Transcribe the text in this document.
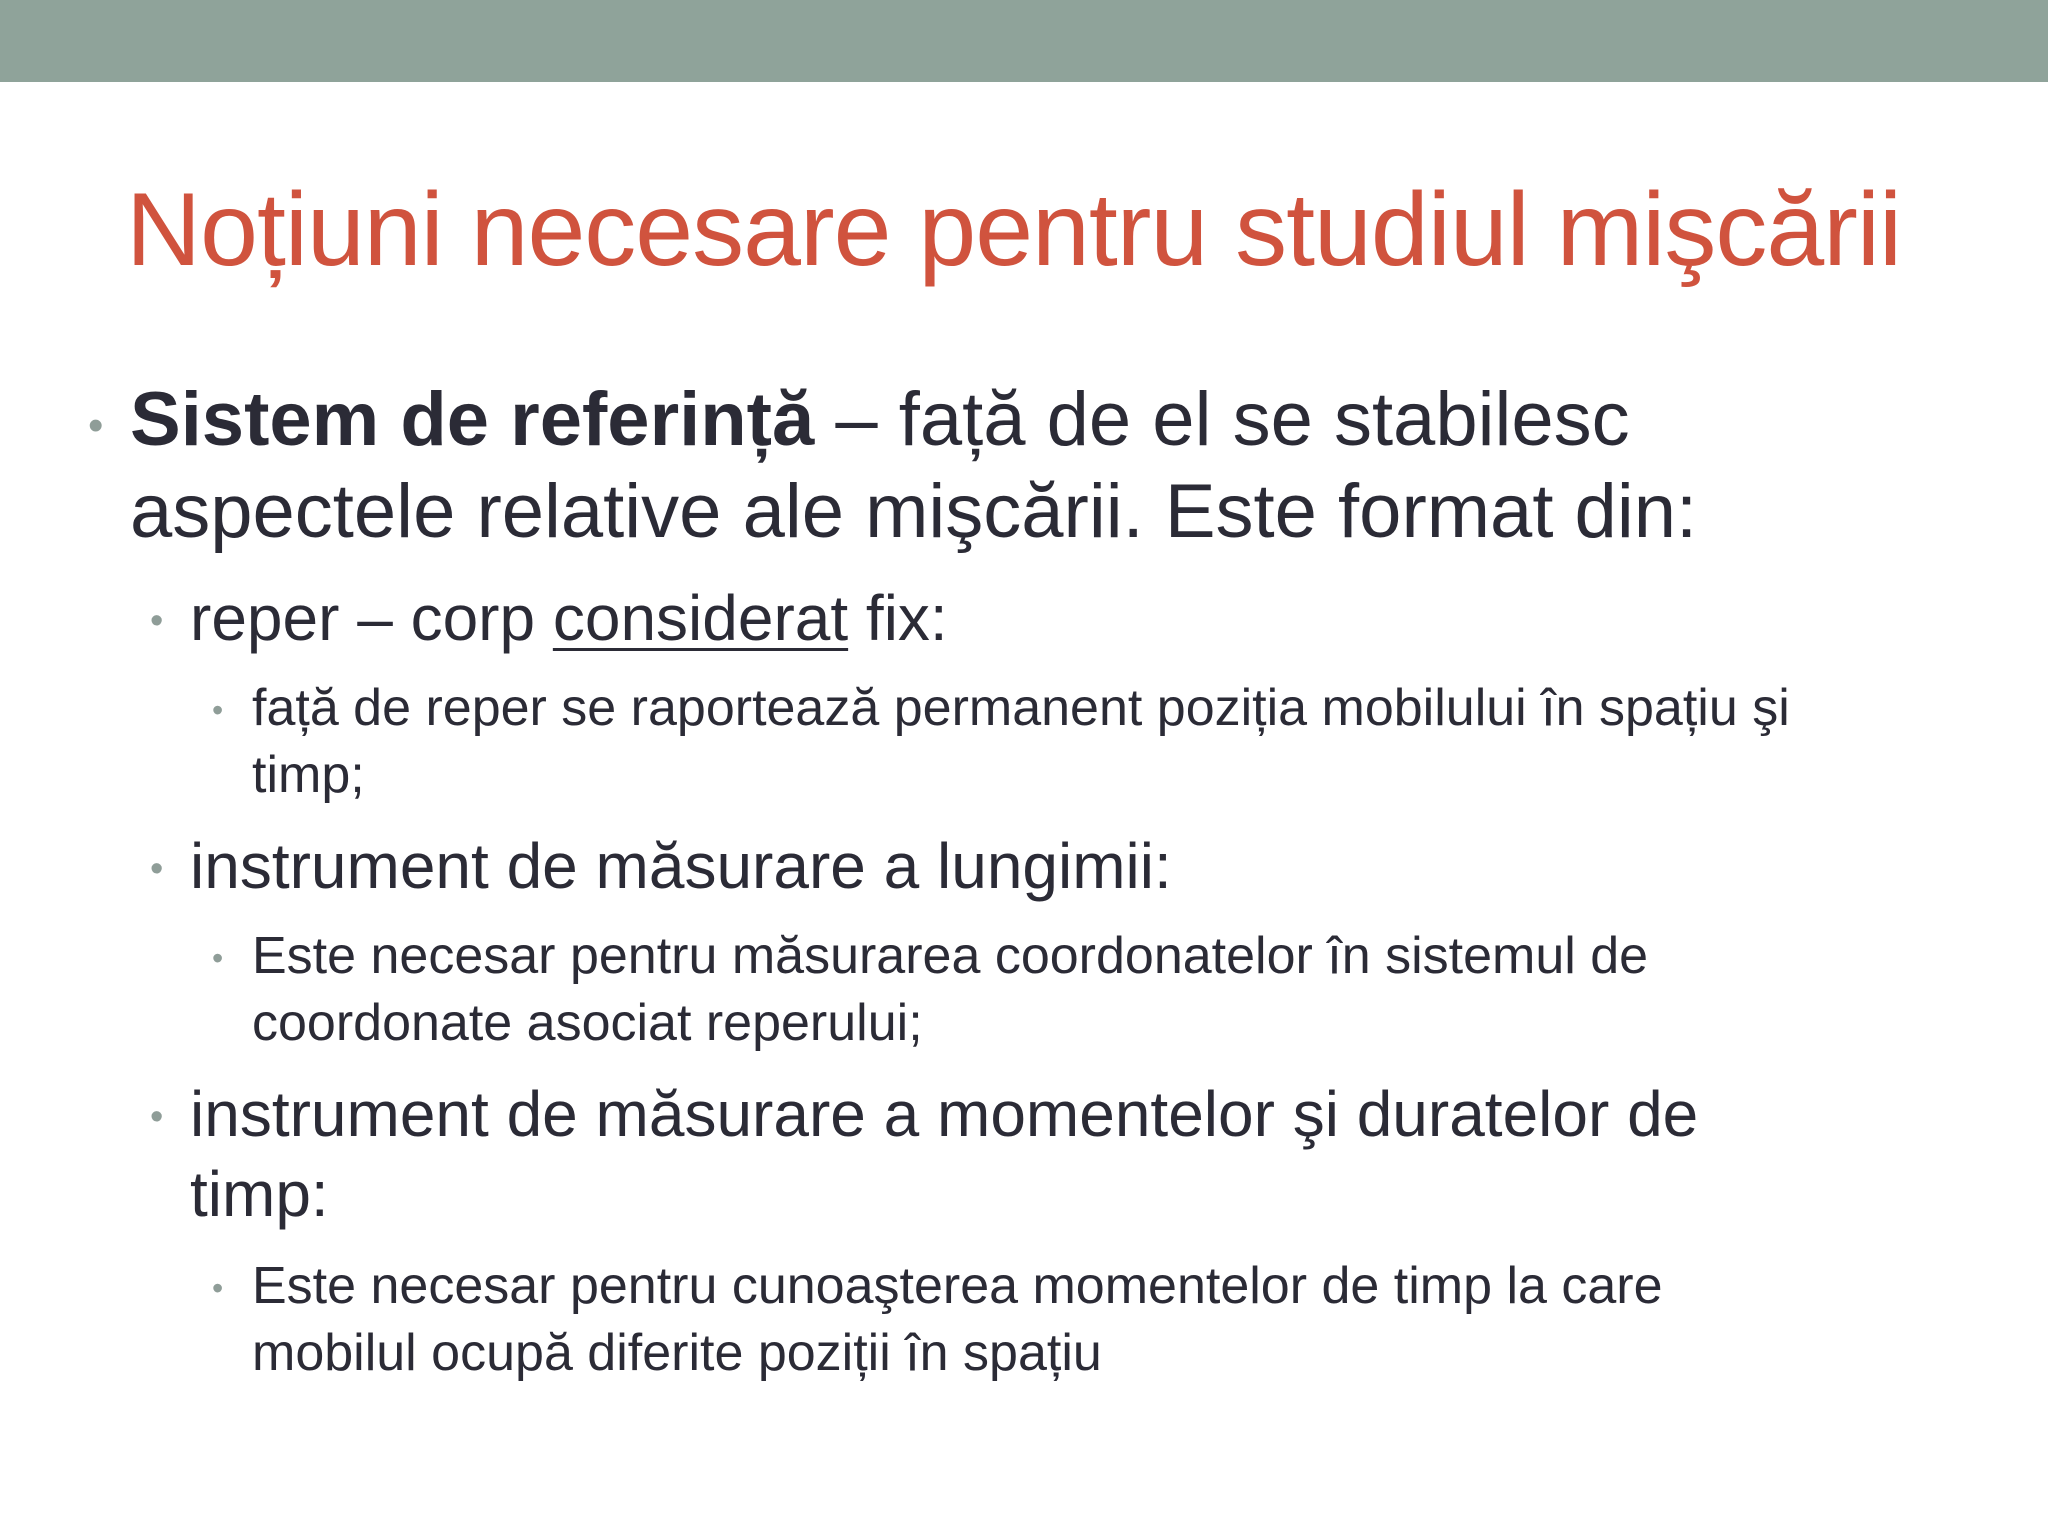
Noțiuni necesare pentru studiul mişcării
• Sistem de referință – față de el se stabilesc
aspectele relative ale mişcării. Este format din:
• reper – corp considerat fix:
• față de reper se raportează permanent poziția mobilului în spațiu şi
timp;
• instrument de măsurare a lungimii:
• Este necesar pentru măsurarea coordonatelor în sistemul de
coordonate asociat reperului;
• instrument de măsurare a momentelor şi duratelor de
timp:
• Este necesar pentru cunoaşterea momentelor de timp la care
mobilul ocupă diferite poziții în spațiu
